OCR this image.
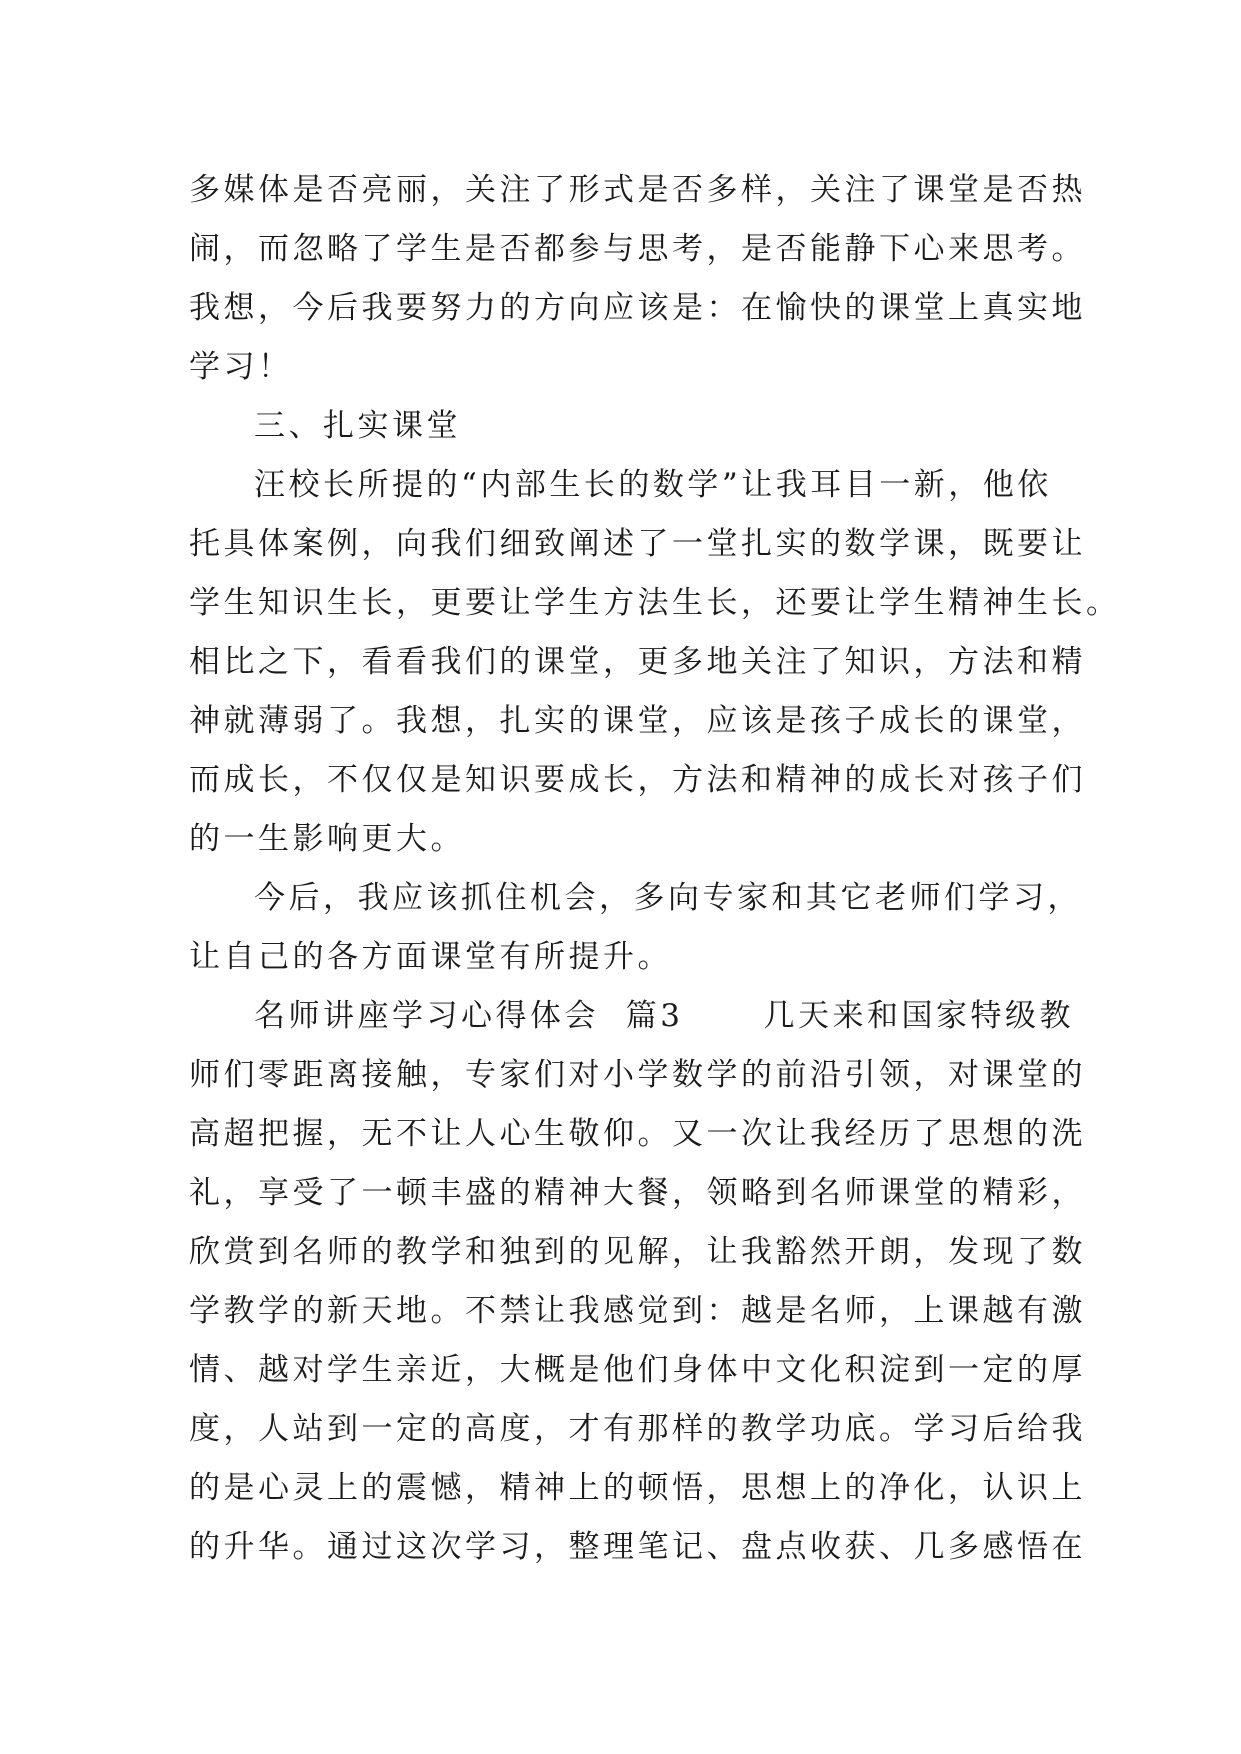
多媒体是否亮丽，关注了形式是否多样，关注了课堂是否热
闹，而忽略了学生是否都参与思考，是否能静下心来思考。
我想，今后我要努力的方向应该是：在愉快的课堂上真实地
学习！
三、扎实课堂
汪校长所提的“内部生长的数学”让我耳目一新，他依
托具体案例，向我们细致阐述了一堂扎实的数学课，既要让
学生知识生长，更要让学生方法生长，还要让学生精神生长。
相比之下，看看我们的课堂，更多地关注了知识，方法和精
神就薄弱了。我想，扎实的课堂，应该是孩子成长的课堂，
而成长，不仅仅是知识要成长，方法和精神的成长对孩子们
的一生影响更大。
今后，我应该抓住机会，多向专家和其它老师们学习，
让自己的各方面课堂有所提升。
名师讲座学习心得体会  篇3      几天来和国家特级教
师们零距离接触，专家们对小学数学的前沿引领，对课堂的
高超把握，无不让人心生敬仰。又一次让我经历了思想的洗
礼，享受了一顿丰盛的精神大餐，领略到名师课堂的精彩，
欣赏到名师的教学和独到的见解，让我豁然开朗，发现了数
学教学的新天地。不禁让我感觉到：越是名师，上课越有激
情、越对学生亲近，大概是他们身体中文化积淀到一定的厚
度，人站到一定的高度，才有那样的教学功底。学习后给我
的是心灵上的震憾，精神上的顿悟，思想上的净化，认识上
的升华。通过这次学习，整理笔记、盘点收获、几多感悟在
